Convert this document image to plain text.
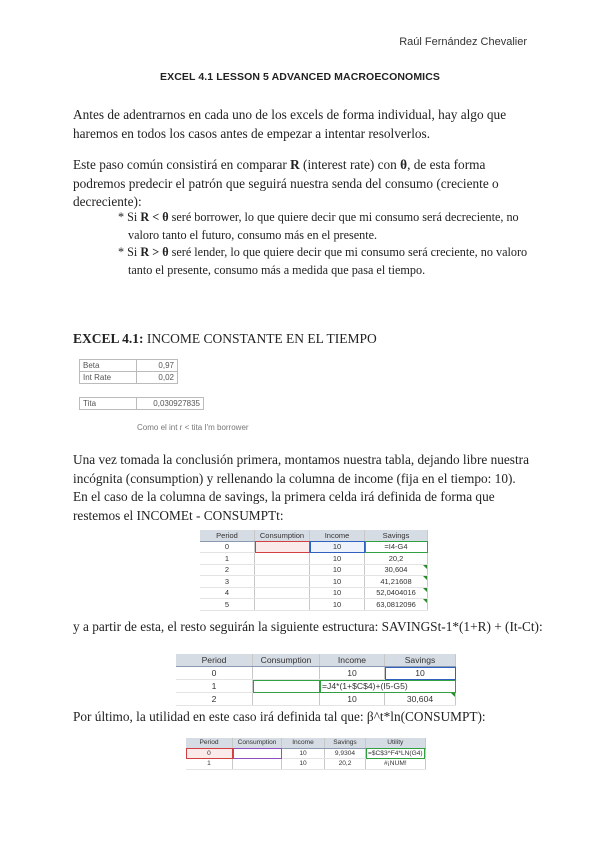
Raúl Fernández Chevalier
EXCEL 4.1 LESSON 5 ADVANCED MACROECONOMICS
Antes de adentrarnos en cada uno de los excels de forma individual, hay algo que haremos en todos los casos antes de empezar a intentar resolverlos.
Este paso común consistirá en comparar R (interest rate) con θ, de esta forma podremos predecir el patrón que seguirá nuestra senda del consumo (creciente o decreciente):
* Si R < θ seré borrower, lo que quiere decir que mi consumo será decreciente, no valoro tanto el futuro, consumo más en el presente.
* Si R > θ seré lender, lo que quiere decir que mi consumo será creciente, no valoro tanto el presente, consumo más a medida que pasa el tiempo.
EXCEL 4.1: INCOME CONSTANTE EN EL TIEMPO
Beta	0,97
Int Rate	0,02
Tita	0,030927835
Como el int r < tita I'm borrower
Una vez tomada la conclusión primera, montamos nuestra tabla, dejando libre nuestra incógnita (consumption) y rellenando la columna de income (fija en el tiempo: 10). En el caso de la columna de savings, la primera celda irá definida de forma que restemos el INCOMEt - CONSUMPTt:
Period	Consumption	Income	Savings
0		10	=I4-G4
1		10	20,2
2		10	30,604
3		10	41,21608
4		10	52,0404016
5		10	63,0812096
y a partir de esta, el resto seguirán la siguiente estructura: SAVINGSt-1*(1+R) + (It-Ct):
Period	Consumption	Income	Savings
0		10	10
1		=J4*(1+$C$4)+(I5-G5)	
2		10	30,604
Por último, la utilidad en este caso irá definida tal que: β^t*ln(CONSUMPT):
Period	Consumption	Income	Savings	Utility
0		10	9,9304	=$C$3^F4*LN(G4)
1		10	20,2	#¡NUM!
